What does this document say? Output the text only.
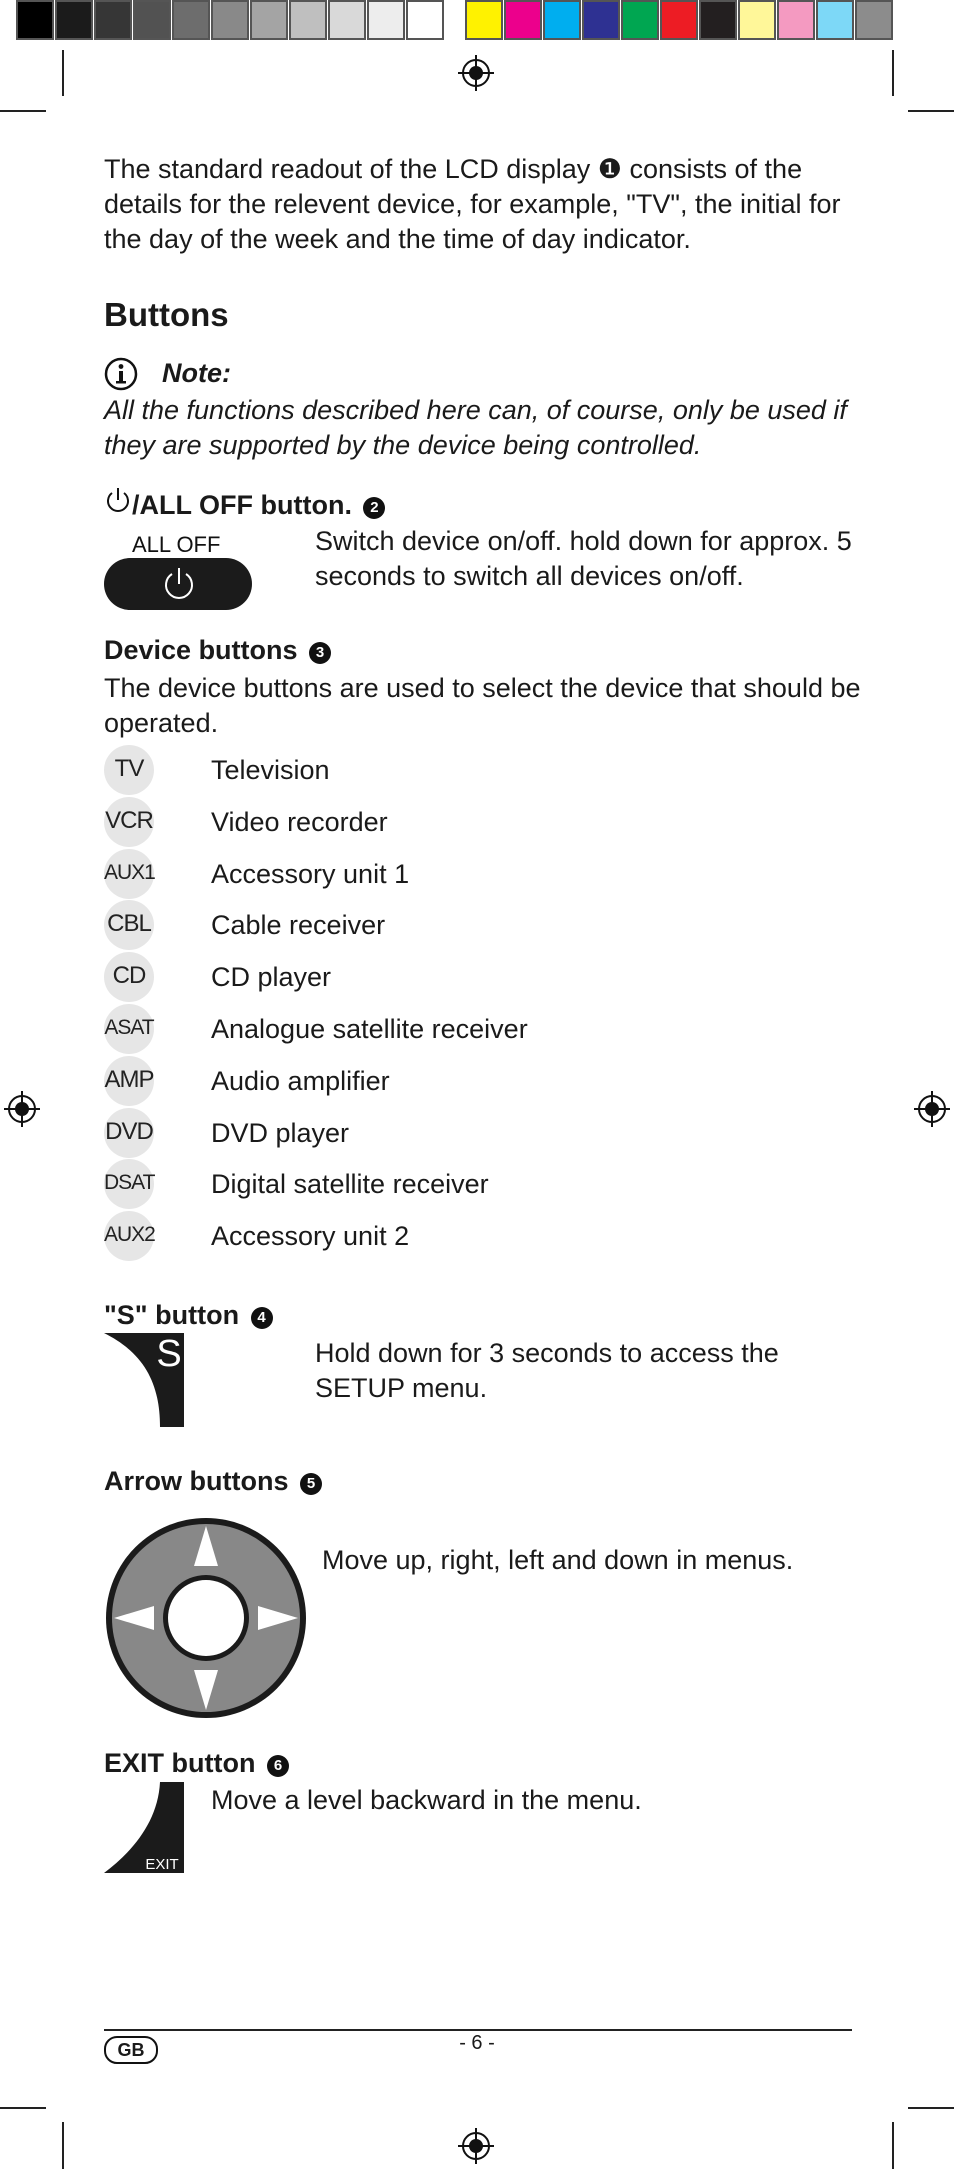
The standard readout of the LCD display ❶ consists of the details for the relevent device, for example, "TV", the initial for the day of the week and the time of day indicator.
Buttons
Note:
All the functions described here can, of course, only be used if they are supported by the device being controlled.
/ALL OFF button. 2
ALL OFF	Switch device on/off. hold down for approx. 5 seconds to switch all devices on/off.
Device buttons 3
The device buttons are used to select the device that should be operated.
TV	Television
VCR Video recorder
AUX1 Accessory unit 1
CBL Cable receiver
CD	CD player
ASAT Analogue satellite receiver
AMP Audio amplifier
DVD DVD player
DSAT Digital satellite receiver
AUX2 Accessory unit 2
"S" button 4
S	Hold down for 3 seconds to access the SETUP menu.
Arrow buttons 5
Move up, right, left and down in menus.
EXIT button 6
EXIT
Move a level backward in the menu.
GB	- 6 -
